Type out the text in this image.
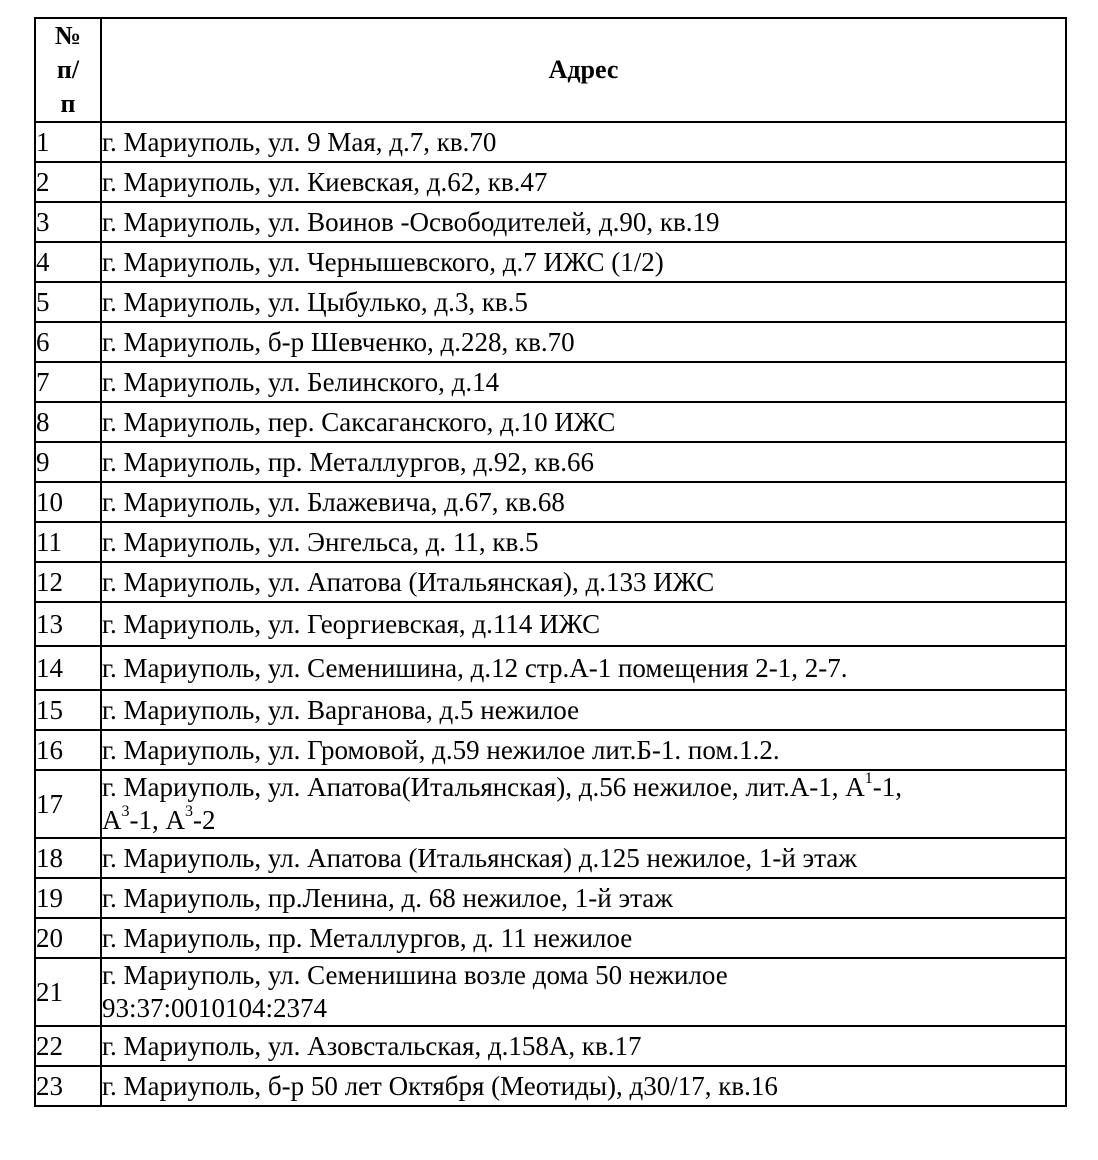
№
п/
п	Адрес
1	г. Мариуполь, ул. 9 Мая, д.7, кв.70
2	г. Мариуполь, ул. Киевская, д.62, кв.47
3	г. Мариуполь, ул. Воинов -Освободителей, д.90, кв.19
4	г. Мариуполь, ул. Чернышевского, д.7 ИЖС (1/2)
5	г. Мариуполь, ул. Цыбулько, д.3, кв.5
6	г. Мариуполь, б-р Шевченко, д.228, кв.70
7	г. Мариуполь, ул. Белинского, д.14
8	г. Мариуполь, пер. Саксаганского, д.10 ИЖС
9	г. Мариуполь, пр. Металлургов, д.92, кв.66
10	г. Мариуполь, ул. Блажевича, д.67, кв.68
11	г. Мариуполь, ул. Энгельса, д. 11, кв.5
12	г. Мариуполь, ул. Апатова (Итальянская), д.133 ИЖС
13	г. Мариуполь, ул. Георгиевская, д.114 ИЖС
14	г. Мариуполь, ул. Семенишина, д.12 стр.А-1 помещения 2-1, 2-7.
15	г. Мариуполь, ул. Варганова, д.5 нежилое
16	г. Мариуполь, ул. Громовой, д.59 нежилое лит.Б-1. пом.1.2.
17	г. Мариуполь, ул. Апатова(Итальянская), д.56 нежилое, лит.А-1, $А^1-1$,
$А^3-1$, $А^3-2$
18	г. Мариуполь, ул. Апатова (Итальянская) д.125 нежилое, 1-й этаж
19	г. Мариуполь, пр.Ленина, д. 68 нежилое, 1-й этаж
20	г. Мариуполь, пр. Металлургов, д. 11 нежилое
21	г. Мариуполь, ул. Семенишина возле дома 50 нежилое
93:37:0010104:2374

22	г. Мариуполь, ул. Азовстальская, д.158А, кв.17
23	г. Мариуполь, б-р 50 лет Октября (Меотиды), д30/17, кв.16
